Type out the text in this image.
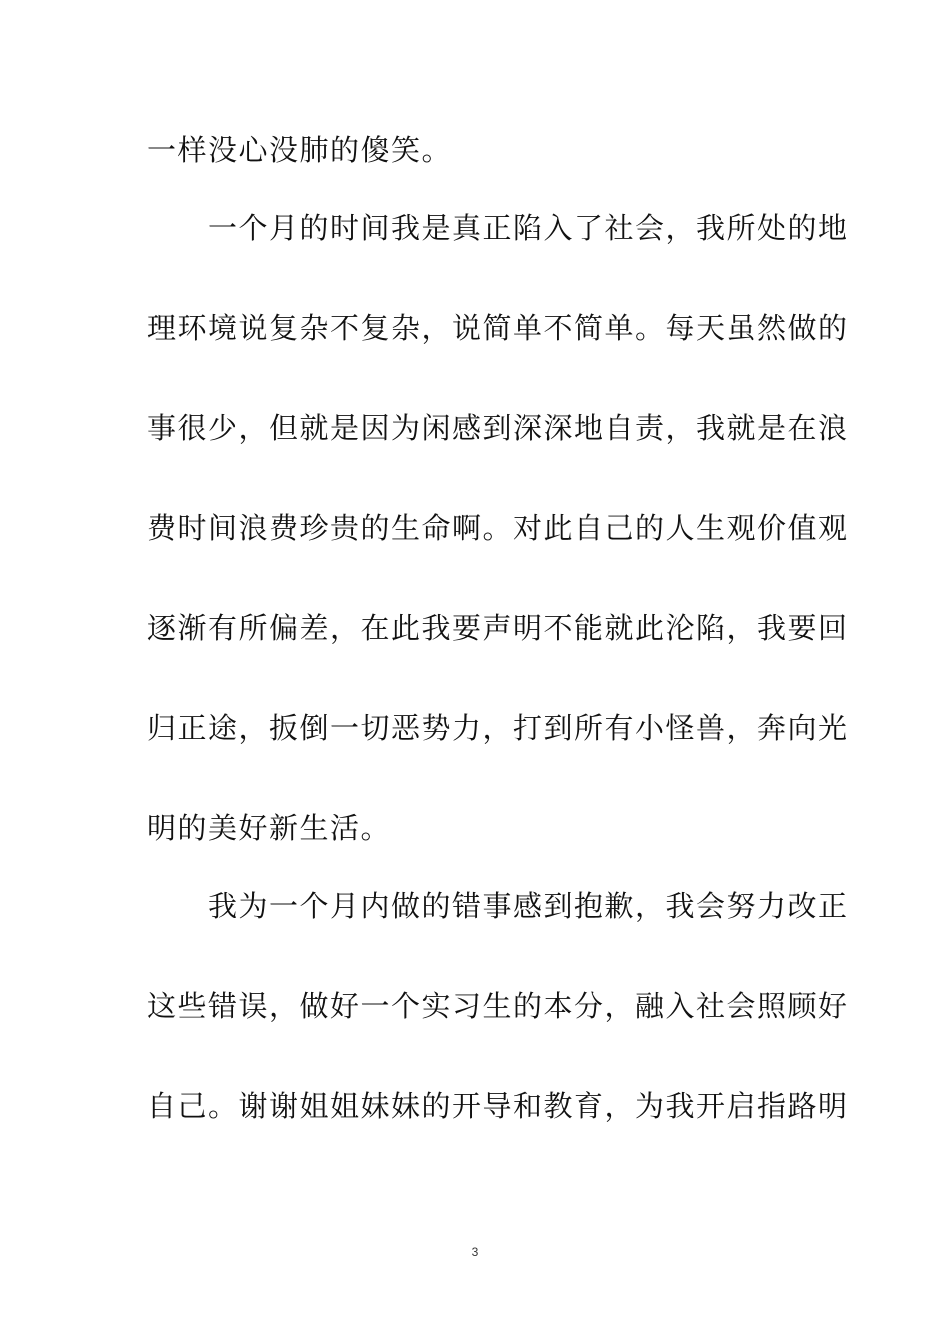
一样没心没肺的傻笑。
　　一个月的时间我是真正陷入了社会，我所处的地
理环境说复杂不复杂，说简单不简单。每天虽然做的
事很少，但就是因为闲感到深深地自责，我就是在浪
费时间浪费珍贵的生命啊。对此自己的人生观价值观
逐渐有所偏差，在此我要声明不能就此沦陷，我要回
归正途，扳倒一切恶势力，打到所有小怪兽，奔向光
明的美好新生活。
　　我为一个月内做的错事感到抱歉，我会努力改正
这些错误，做好一个实习生的本分，融入社会照顾好
自己。谢谢姐姐妹妹的开导和教育，为我开启指路明
3
